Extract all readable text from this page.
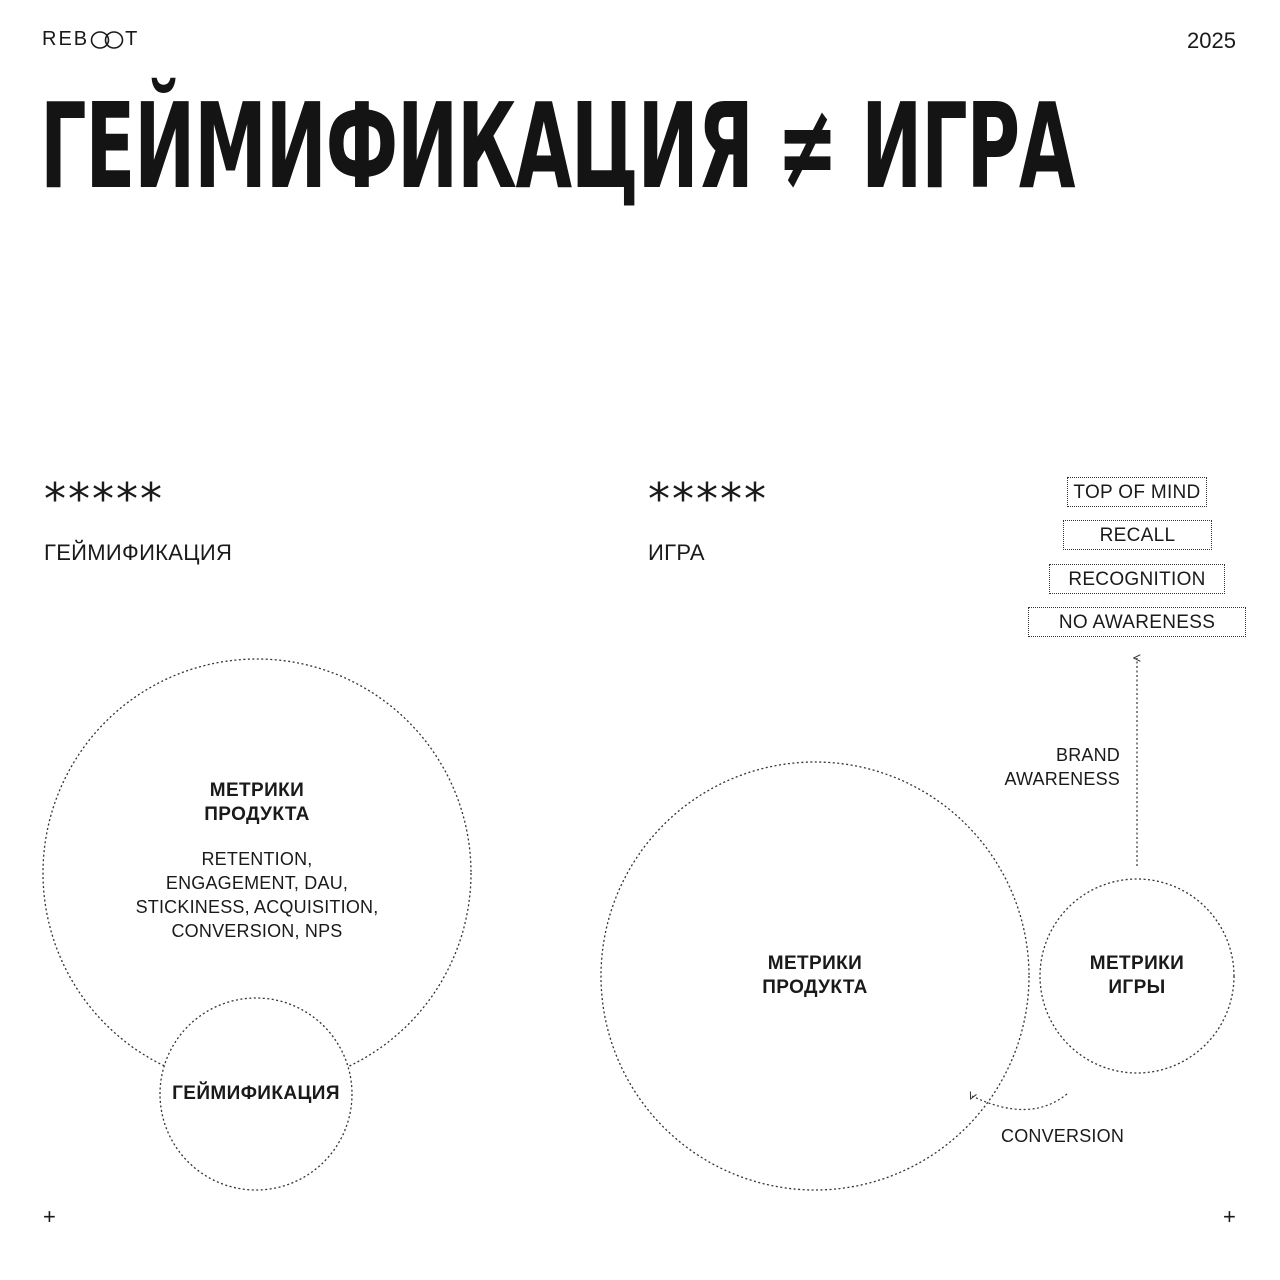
REB T	2025
ГЕЙМИФИКАЦИЯ ≠ ИГРА
*****
ГЕЙМИФИКАЦИЯ
*****
ИГРА
TOP OF MIND
RECALL
RECOGNITION
NO AWARENESS
МЕТРИКИ
ПРОДУКТА
RETENTION,
ENGAGEMENT, DAU,
STICKINESS, ACQUISITION,
CONVERSION, NPS
ГЕЙМИФИКАЦИЯ
МЕТРИКИ
ПРОДУКТА
МЕТРИКИ
ИГРЫ
BRAND
AWARENESS
CONVERSION
+	+
